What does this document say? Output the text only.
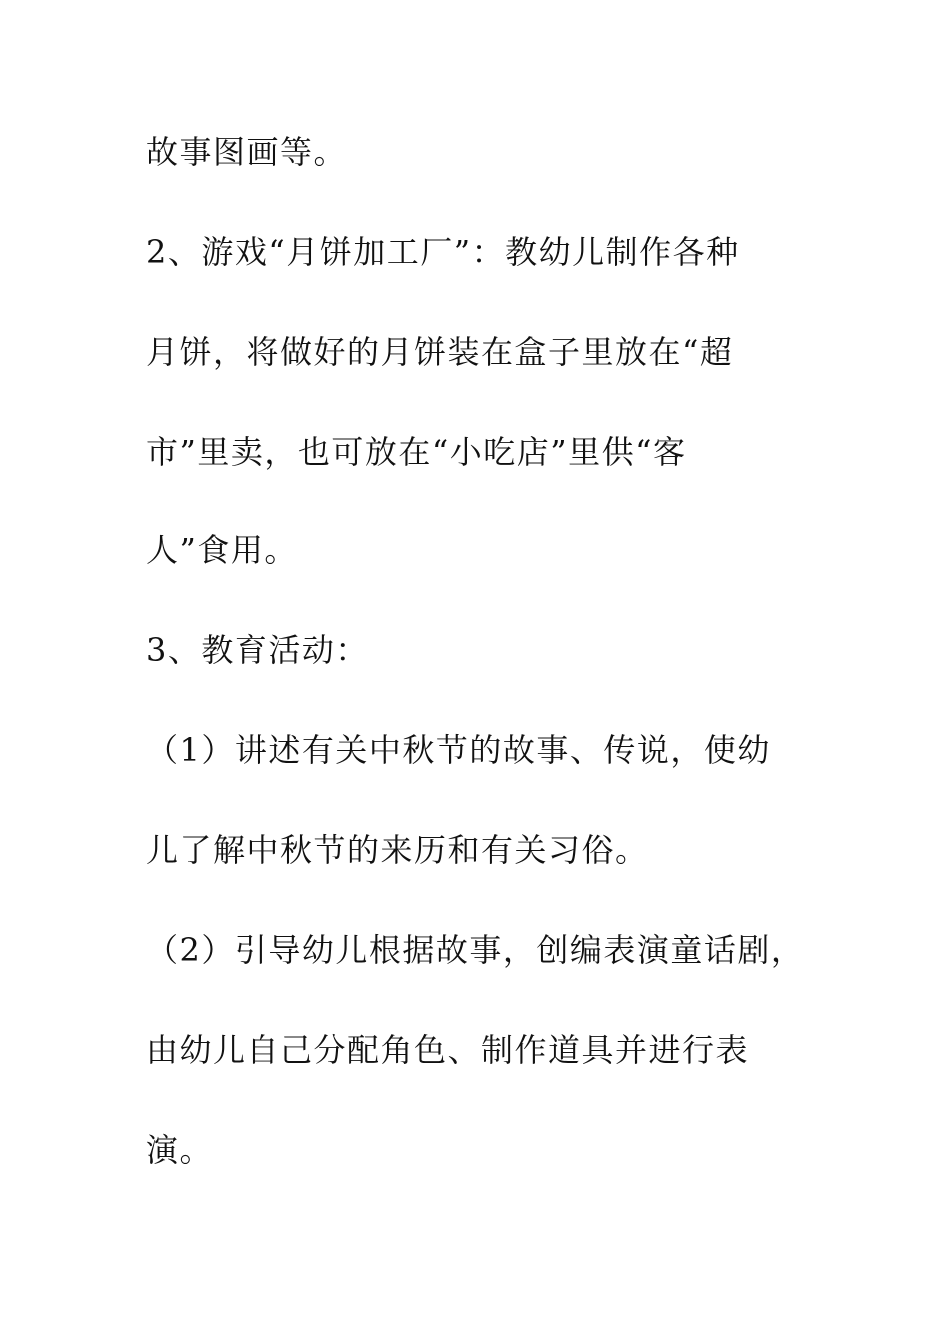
故事图画等。
2、游戏“月饼加工厂”：教幼儿制作各种
月饼，将做好的月饼装在盒子里放在“超
市”里卖，也可放在“小吃店”里供“客
人”食用。
3、教育活动：
（1）讲述有关中秋节的故事、传说，使幼
儿了解中秋节的来历和有关习俗。
（2）引导幼儿根据故事，创编表演童话剧，
由幼儿自己分配角色、制作道具并进行表
演。
